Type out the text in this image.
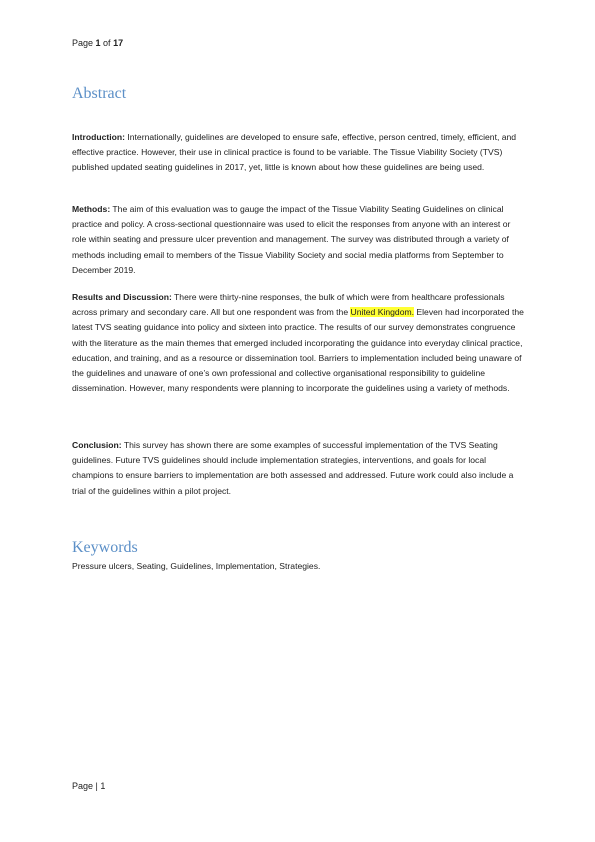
Page 1 of 17
Abstract

Introduction: Internationally, guidelines are developed to ensure safe, effective, person centred, timely, efficient, and effective practice. However, their use in clinical practice is found to be variable. The Tissue Viability Society (TVS) published updated seating guidelines in 2017, yet, little is known about how these guidelines are being used.

Methods: The aim of this evaluation was to gauge the impact of the Tissue Viability Seating Guidelines on clinical practice and policy. A cross-sectional questionnaire was used to elicit the responses from anyone with an interest or role within seating and pressure ulcer prevention and management. The survey was distributed through a variety of methods including email to members of the Tissue Viability Society and social media platforms from September to December 2019.

Results and Discussion: There were thirty-nine responses, the bulk of which were from healthcare professionals across primary and secondary care. All but one respondent was from the United Kingdom. Eleven had incorporated the latest TVS seating guidance into policy and sixteen into practice. The results of our survey demonstrates congruence with the literature as the main themes that emerged included incorporating the guidance into everyday clinical practice, education, and training, and as a resource or dissemination tool. Barriers to implementation included being unaware of the guidelines and unaware of one’s own professional and collective organisational responsibility to guideline dissemination. However, many respondents were planning to incorporate the guidelines using a variety of methods.

Conclusion: This survey has shown there are some examples of successful implementation of the TVS Seating guidelines. Future TVS guidelines should include implementation strategies, interventions, and goals for local champions to ensure barriers to implementation are both assessed and addressed. Future work could also include a trial of the guidelines within a pilot project.

Keywords

Pressure ulcers, Seating, Guidelines, Implementation, Strategies.

Page | 1
